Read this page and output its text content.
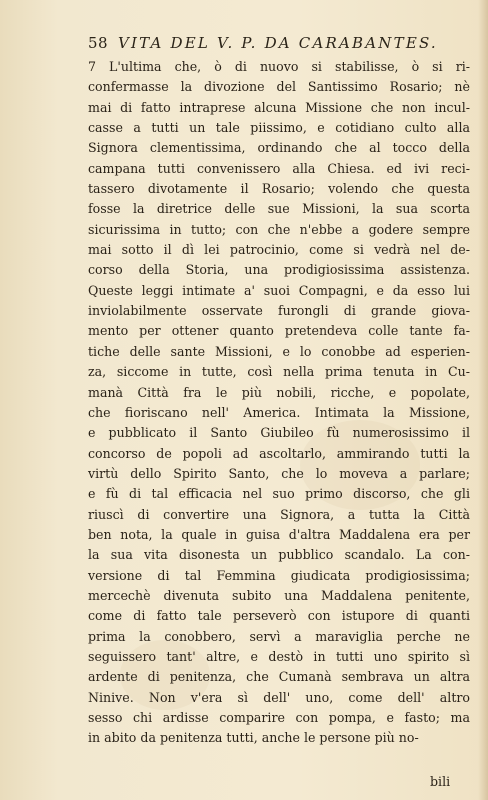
58 VITA DEL V. P. DA CARABANTES.
7 L'ultima che, ò di nuovo si stabilisse, ò si ri-
confermasse la divozione del Santissimo Rosario; nè
mai di fatto intraprese alcuna Missione che non incul-
casse a tutti un tale piissimo, e cotidiano culto alla
Signora clementissima, ordinando che al tocco della
campana tutti convenissero alla Chiesa. ed ivi reci-
tassero divotamente il Rosario; volendo che questa
fosse la diretrice delle sue Missioni, la sua scorta
sicurissima in tutto; con che n'ebbe a godere sempre
mai sotto il dì lei patrocinio, come si vedrà nel de-
corso della Storia, una prodigiosissima assistenza.
Queste leggi intimate a' suoi Compagni, e da esso lui
inviolabilmente osservate furongli di grande giova-
mento per ottener quanto pretendeva colle tante fa-
tiche delle sante Missioni, e lo conobbe ad esperien-
za, siccome in tutte, così nella prima tenuta in Cu-
manà Città fra le più nobili, ricche, e popolate,
che fioriscano nell' America. Intimata la Missione,
e pubblicato il Santo Giubileo fù numerosissimo il
concorso de popoli ad ascoltarlo, ammirando tutti la
virtù dello Spirito Santo, che lo moveva a parlare;
e fù di tal efficacia nel suo primo discorso, che gli
riuscì di convertire una Signora, a tutta la Città
ben nota, la quale in guisa d'altra Maddalena era per
la sua vita disonesta un pubblico scandalo. La con-
versione di tal Femmina giudicata prodigiosissima;
mercechè divenuta subito una Maddalena penitente,
come di fatto tale perseverò con istupore di quanti
prima la conobbero, servì a maraviglia perche ne
seguissero tant' altre, e destò in tutti uno spirito sì
ardente di penitenza, che Cumanà sembrava un altra
Ninive. Non v'era sì dell' uno, come dell' altro
sesso chi ardisse comparire con pompa, e fasto; ma
in abito da penitenza tutti, anche le persone più no-
bili
